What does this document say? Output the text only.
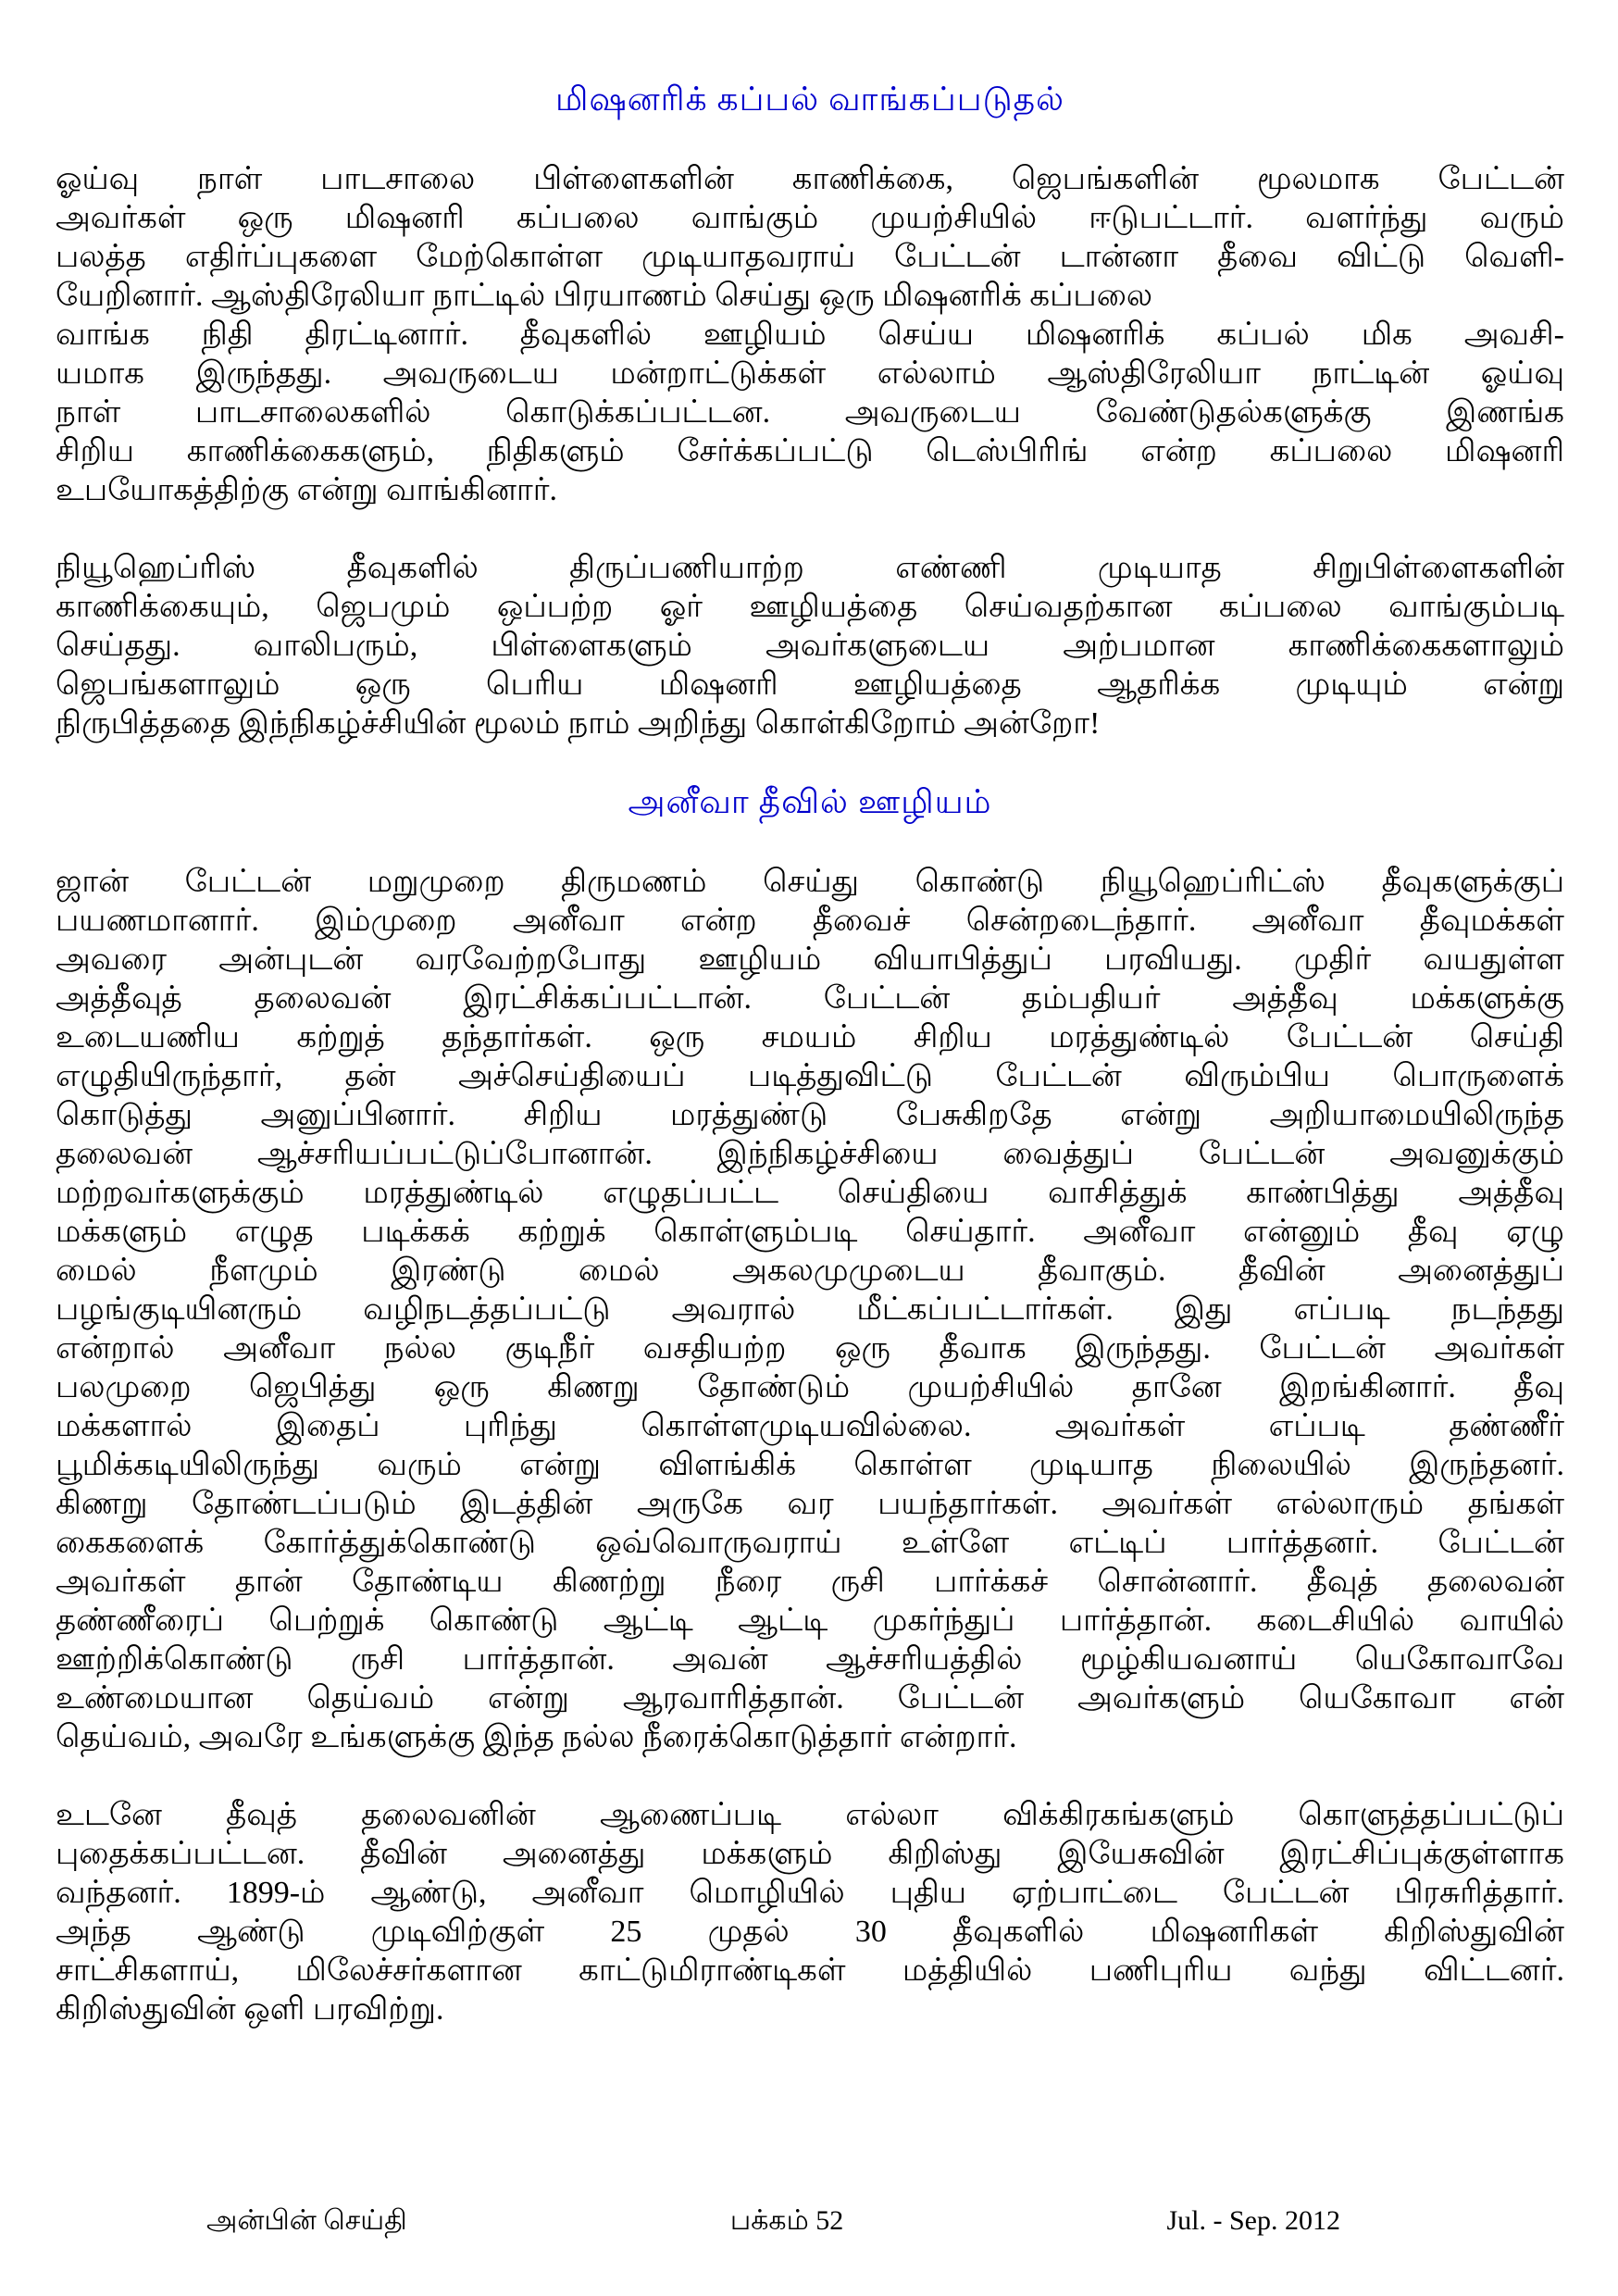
மிஷனரிக் கப்பல் வாங்கப்படுதல்
ஓய்வு நாள் பாடசாலை பிள்ளைகளின் காணிக்கை, ஜெபங்களின் மூலமாக பேட்டன்
அவர்கள் ஒரு மிஷனரி கப்பலை வாங்கும் முயற்சியில் ஈடுபட்டார். வளர்ந்து வரும்
பலத்த எதிர்ப்புகளை மேற்கொள்ள முடியாதவராய் பேட்டன் டான்னா தீவை விட்டு வெளி-
யேறினார். ஆஸ்திரேலியா நாட்டில் பிரயாணம் செய்து ஒரு மிஷனரிக் கப்பலை
வாங்க நிதி திரட்டினார். தீவுகளில் ஊழியம் செய்ய மிஷனரிக் கப்பல் மிக அவசி-
யமாக இருந்தது. அவருடைய மன்றாட்டுக்கள் எல்லாம் ஆஸ்திரேலியா நாட்டின் ஓய்வு
நாள் பாடசாலைகளில் கொடுக்கப்பட்டன. அவருடைய வேண்டுதல்களுக்கு இணங்க
சிறிய காணிக்கைகளும், நிதிகளும் சேர்க்கப்பட்டு டெஸ்பிரிங் என்ற கப்பலை மிஷனரி
உபயோகத்திற்கு என்று வாங்கினார்.
நியூஹெப்ரிஸ் தீவுகளில் திருப்பணியாற்ற எண்ணி முடியாத சிறுபிள்ளைகளின்
காணிக்கையும், ஜெபமும் ஒப்பற்ற ஓர் ஊழியத்தை செய்வதற்கான கப்பலை வாங்கும்படி
செய்தது. வாலிபரும், பிள்ளைகளும் அவர்களுடைய அற்பமான காணிக்கைகளாலும்
ஜெபங்களாலும் ஒரு பெரிய மிஷனரி ஊழியத்தை ஆதரிக்க முடியும் என்று
நிருபித்ததை இந்நிகழ்ச்சியின் மூலம் நாம் அறிந்து கொள்கிறோம் அன்றோ!
அனீவா தீவில் ஊழியம்
ஜான் பேட்டன் மறுமுறை திருமணம் செய்து கொண்டு நியூஹெப்ரிட்ஸ் தீவுகளுக்குப்
பயணமானார். இம்முறை அனீவா என்ற தீவைச் சென்றடைந்தார். அனீவா தீவுமக்கள்
அவரை அன்புடன் வரவேற்றபோது ஊழியம் வியாபித்துப் பரவியது. முதிர் வயதுள்ள
அத்தீவுத் தலைவன் இரட்சிக்கப்பட்டான். பேட்டன் தம்பதியர் அத்தீவு மக்களுக்கு
உடையணிய கற்றுத் தந்தார்கள். ஒரு சமயம் சிறிய மரத்துண்டில் பேட்டன் செய்தி
எழுதியிருந்தார், தன் அச்செய்தியைப் படித்துவிட்டு பேட்டன் விரும்பிய பொருளைக்
கொடுத்து அனுப்பினார். சிறிய மரத்துண்டு பேசுகிறதே என்று அறியாமையிலிருந்த
தலைவன் ஆச்சரியப்பட்டுப்போனான். இந்நிகழ்ச்சியை வைத்துப் பேட்டன் அவனுக்கும்
மற்றவர்களுக்கும் மரத்துண்டில் எழுதப்பட்ட செய்தியை வாசித்துக் காண்பித்து அத்தீவு
மக்களும் எழுத படிக்கக் கற்றுக் கொள்ளும்படி செய்தார். அனீவா என்னும் தீவு ஏழு
மைல் நீளமும் இரண்டு மைல் அகலமுமுடைய தீவாகும். தீவின் அனைத்துப்
பழங்குடியினரும் வழிநடத்தப்பட்டு அவரால் மீட்கப்பட்டார்கள். இது எப்படி நடந்தது
என்றால் அனீவா நல்ல குடிநீர் வசதியற்ற ஒரு தீவாக இருந்தது. பேட்டன் அவர்கள்
பலமுறை ஜெபித்து ஒரு கிணறு தோண்டும் முயற்சியில் தானே இறங்கினார். தீவு
மக்களால் இதைப் புரிந்து கொள்ளமுடியவில்லை. அவர்கள் எப்படி தண்ணீர்
பூமிக்கடியிலிருந்து வரும் என்று விளங்கிக் கொள்ள முடியாத நிலையில் இருந்தனர்.
கிணறு தோண்டப்படும் இடத்தின் அருகே வர பயந்தார்கள். அவர்கள் எல்லாரும் தங்கள்
கைகளைக் கோர்த்துக்கொண்டு ஒவ்வொருவராய் உள்ளே எட்டிப் பார்த்தனர். பேட்டன்
அவர்கள் தான் தோண்டிய கிணற்று நீரை ருசி பார்க்கச் சொன்னார். தீவுத் தலைவன்
தண்ணீரைப் பெற்றுக் கொண்டு ஆட்டி ஆட்டி முகர்ந்துப் பார்த்தான். கடைசியில் வாயில்
ஊற்றிக்கொண்டு ருசி பார்த்தான். அவன் ஆச்சரியத்தில் மூழ்கியவனாய் யெகோவாவே
உண்மையான தெய்வம் என்று ஆரவாரித்தான். பேட்டன் அவர்களும் யெகோவா என்
தெய்வம், அவரே உங்களுக்கு இந்த நல்ல நீரைக்கொடுத்தார் என்றார்.
உடனே தீவுத் தலைவனின் ஆணைப்படி எல்லா விக்கிரகங்களும் கொளுத்தப்பட்டுப்
புதைக்கப்பட்டன. தீவின் அனைத்து மக்களும் கிறிஸ்து இயேசுவின் இரட்சிப்புக்குள்ளாக
வந்தனர். 1899-ம் ஆண்டு, அனீவா மொழியில் புதிய ஏற்பாட்டை பேட்டன் பிரசுரித்தார்.
அந்த ஆண்டு முடிவிற்குள் 25 முதல் 30 தீவுகளில் மிஷனரிகள் கிறிஸ்துவின்
சாட்சிகளாய், மிலேச்சர்களான காட்டுமிராண்டிகள் மத்தியில் பணிபுரிய வந்து விட்டனர்.
கிறிஸ்துவின் ஒளி பரவிற்று.
அன்பின் செய்தி	பக்கம் 52	Jul. - Sep. 2012
